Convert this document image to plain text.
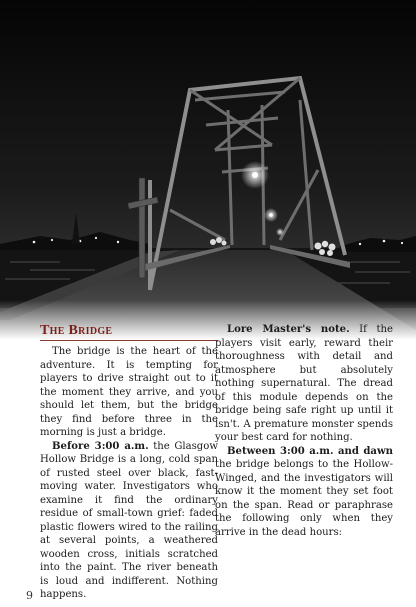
The Bridge

The bridge is the heart of the adventure. It is tempting for players to drive straight out to it the moment they arrive, and you should let them, but the bridge they find before three in the morning is just a bridge.

Before 3:00 a.m. the Glasgow Hollow Bridge is a long, cold span of rusted steel over black, fast-moving water. Investigators who examine it find the ordinary residue of small-town grief: faded plastic flowers wired to the railing at several points, a weathered wooden cross, initials scratched into the paint. The river beneath is loud and indifferent. Nothing happens.

Lore Master's note. If the players visit early, reward their thoroughness with detail and atmosphere but absolutely nothing supernatural. The dread of this module depends on the bridge being safe right up until it isn't. A premature monster spends your best card for nothing.

Between 3:00 a.m. and dawn the bridge belongs to the Hollow-Winged, and the investigators will know it the moment they set foot on the span. Read or paraphrase the following only when they arrive in the dead hours:

9
